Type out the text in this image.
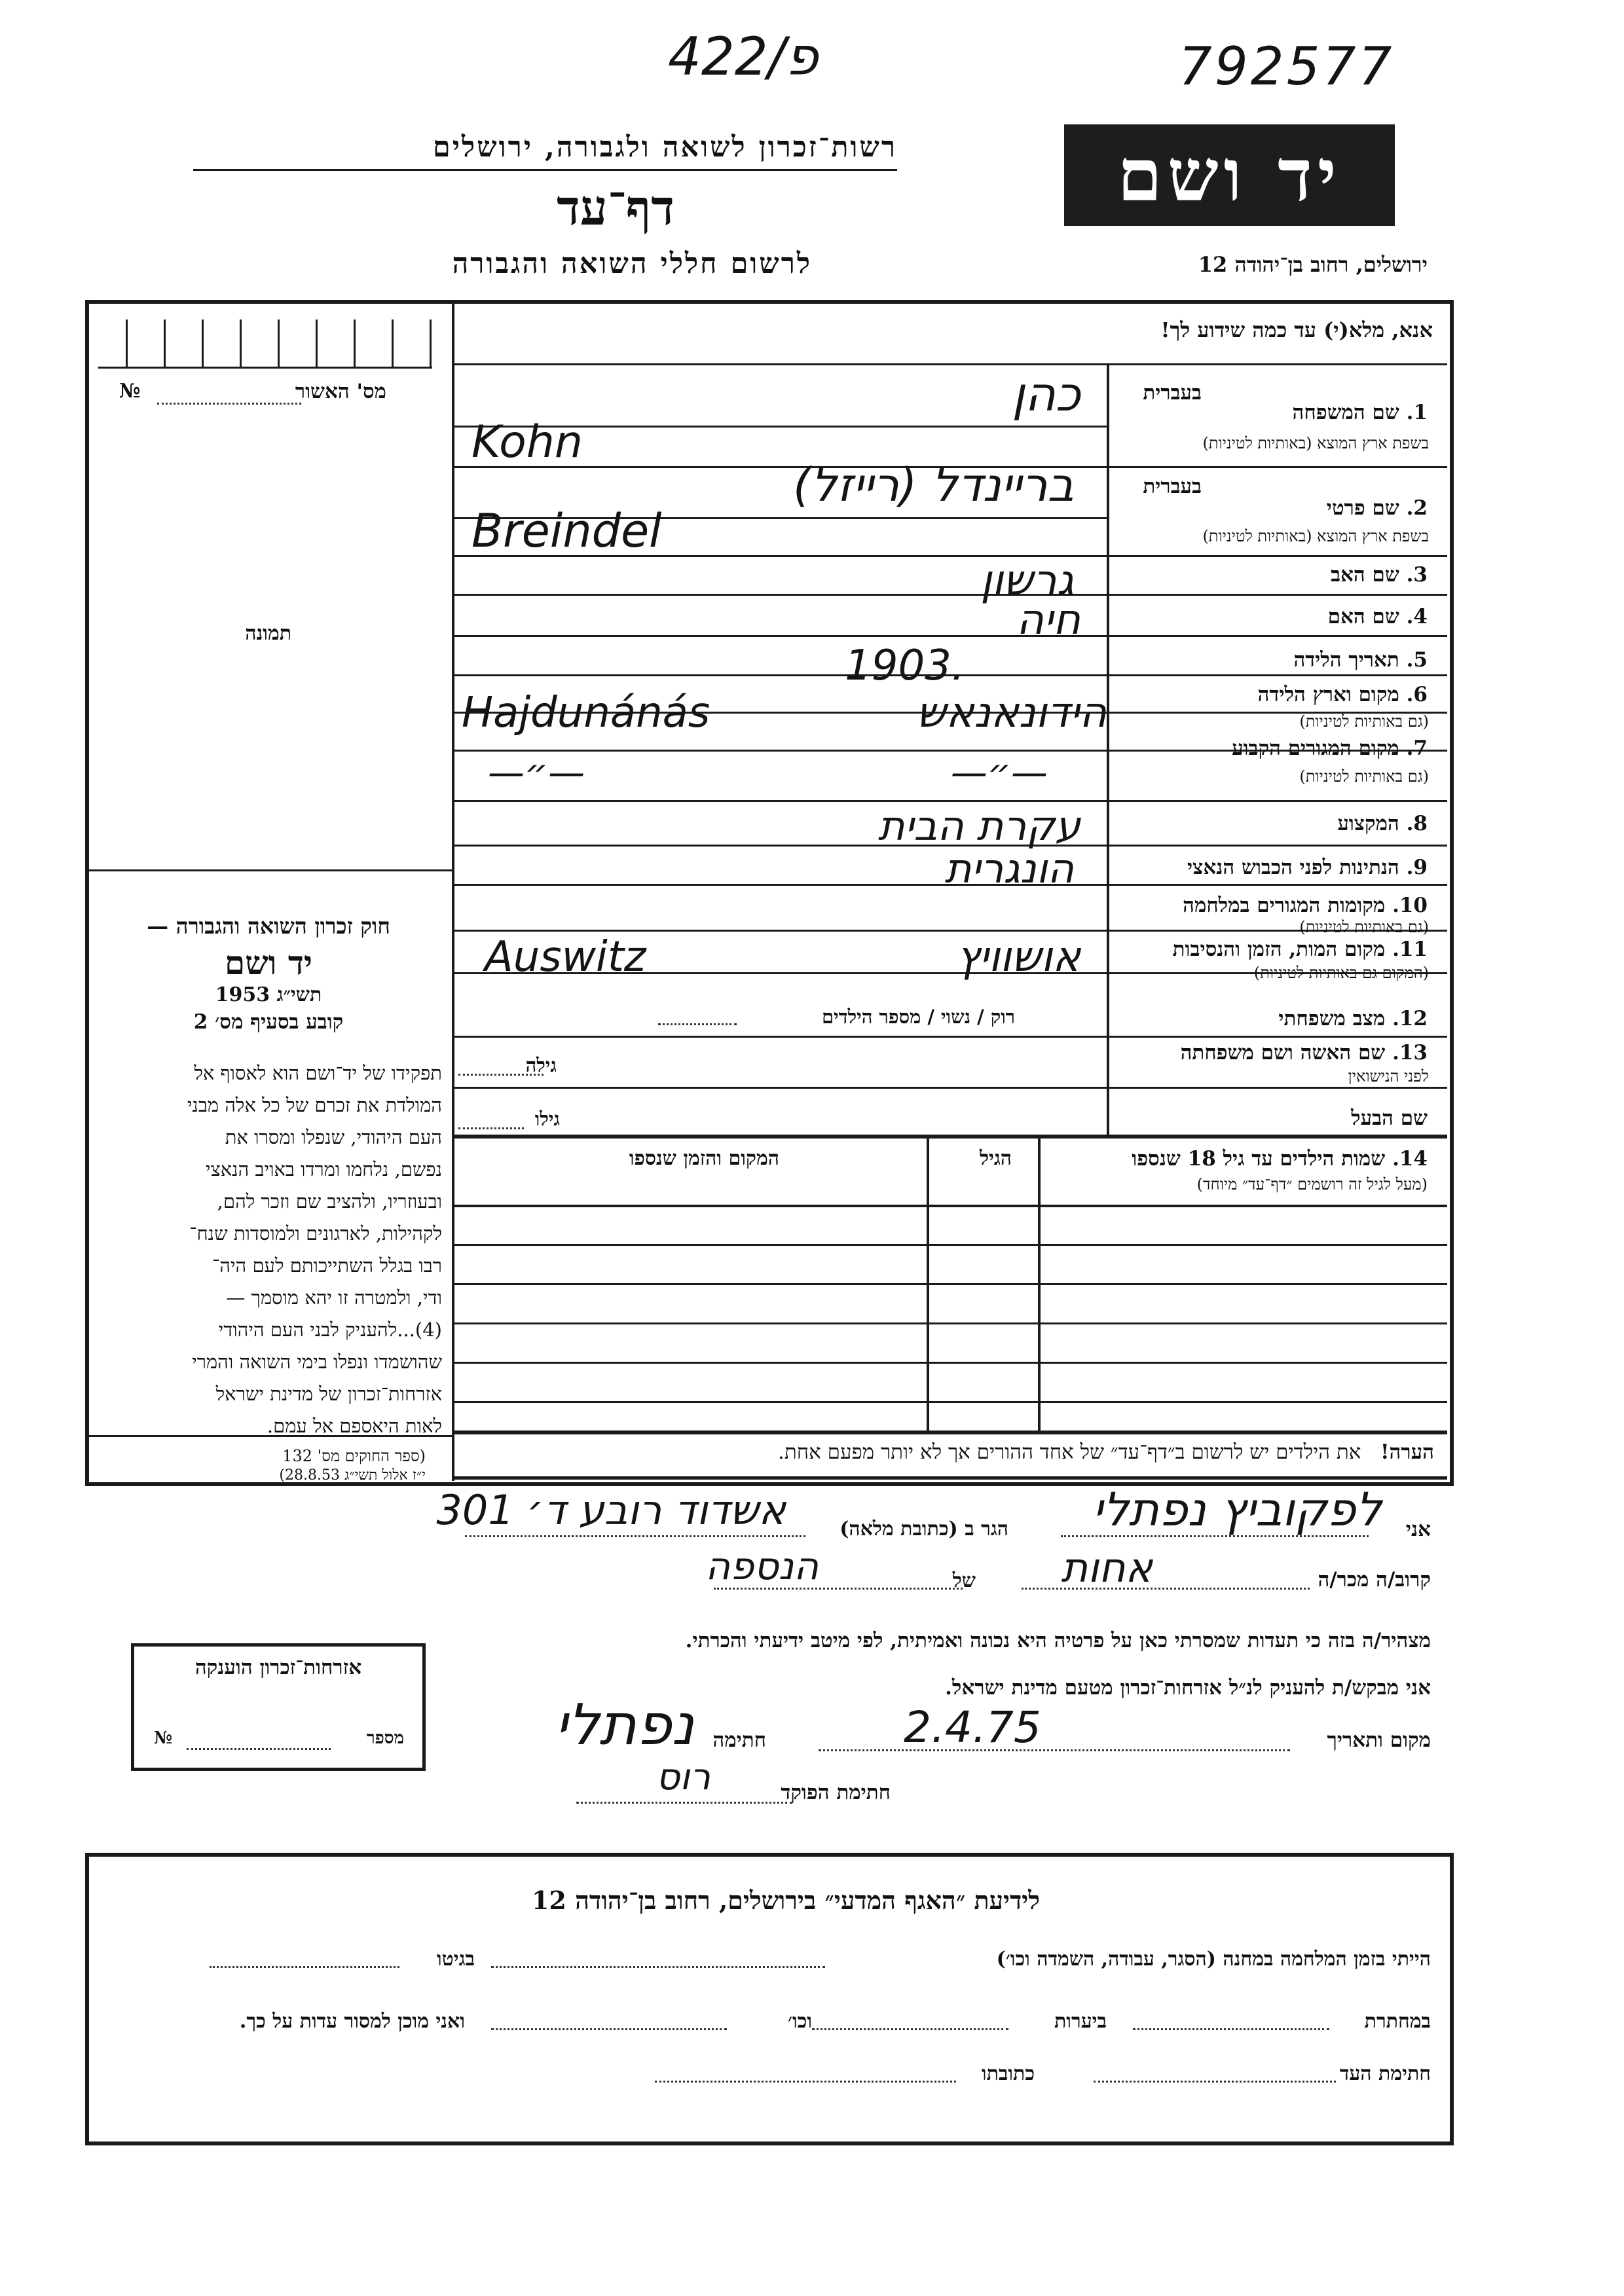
פ/422	792577
רשות־זכרון לשואה ולגבורה, ירושלים
דף־עד
לרשום חללי השואה והגבורה
יד ושם
ירושלים, רחוב בן־יהודה 12
מס' האשור
№
תמונה
חוק זכרון השואה והגבורה —
יד ושם
תשי״ג 1953
קובע בסעיף מס׳ 2
תפקידו של יד־ושם הוא לאסוף אל
המולדת את זכרם של כל אלה מבני
העם היהודי, שנפלו ומסרו את
נפשם, נלחמו ומרדו באויב הנאצי
ובעוזריו, ולהציב שם וזכר להם,
לקהילות, לארגונים ולמוסדות שנח־
רבו בגלל השתייכותם לעם היה־
ודי, ולמטרה זו יהא מוסמך —
(4)...להעניק לבני העם היהודי
שהושמדו ונפלו בימי השואה והמרי
אזרחות־זכרון של מדינת ישראל
לאות היאספם אל עמם.
(ספר החוקים מס' 132
י״ז אלול תשי״ג 28.8.53)
אנא, מלא(י) עד כמה שידוע לך!
1. שם המשפחה
בשפת ארץ המוצא (באותיות לטיניות)
בעברית
כהן
Kohn
2. שם פרטי
בשפת ארץ המוצא (באותיות לטיניות)
בעברית
בריינדל (רייזל)
Breindel
3. שם האב
גרשון
4. שם האם
חיה
5. תאריך הלידה
1903.
6. מקום וארץ הלידה
(גם באותיות לטיניות)
הידונאנאש
Hajdunánás
7. מקום המגורים הקבוע
(גם באותיות לטיניות)
—״—
—״—
8. המקצוע
עקרת הבית
9. הנתינות לפני הכבוש הנאצי
הונגרית
10. מקומות המגורים במלחמה
(גם באותיות לטיניות)
11. מקום המות, הזמן והנסיבות
(המקום גם באותיות לטיניות)
אושוויץ
Auswitz
12. מצב משפחתי
רוק / נשוי / מספר הילדים
13. שם האשה ושם משפחתה
לפני הנישואין
גילה
שם הבעל
גילו
14. שמות הילדים עד גיל 18 שנספו
(מעל לגיל זה רושמים ״דף־עד״ מיוחד)
הגיל
המקום והזמן שנספו
הערה!   את הילדים יש לרשום ב״דף־עד״ של אחד ההורים אך לא יותר מפעם אחת.
אני
לפקוביץ נפתלי
הגר ב (כתובת מלאה)
אשדוד רובע ד׳ 301
קרוב/ה מכר/ה
אחות
של
הנספה
מצהיר/ה בזה כי תעדות שמסרתי כאן על פרטיה היא נכונה ואמיתית, לפי מיטב ידיעתי והכרתי.
אני מבקש/ת להעניק לנ״ל אזרחות־זכרון מטעם מדינת ישראל.
מקום ותאריך
2.4.75
חתימה
נפתלי
חתימת הפוקד
רוס
אזרחות־זכרון הוענקה
מספר
№
לידיעת ״האגף המדעי״ בירושלים, רחוב בן־יהודה 12
הייתי בזמן המלחמה במחנה (הסגר, עבודה, השמדה וכו׳)
בגיטו
במחתרת
ביערות
וכו׳
ואני מוכן למסור עדות על כך.
חתימת העד
כתובתו
